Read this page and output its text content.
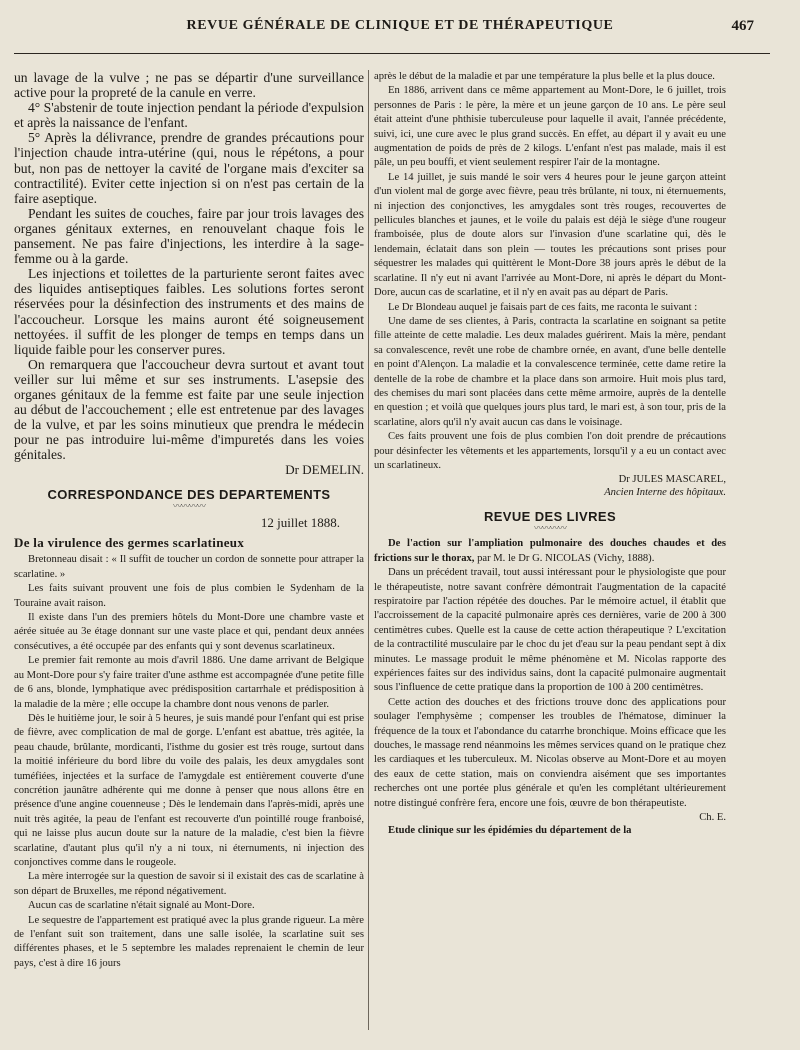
REVUE GÉNÉRALE DE CLINIQUE ET DE THÉRAPEUTIQUE	467

un lavage de la vulve ; ne pas se départir d'une surveillance active pour la propreté de la canule en verre.

4° S'abstenir de toute injection pendant la période d'expulsion et après la naissance de l'enfant.

5° Après la délivrance, prendre de grandes précautions pour l'injection chaude intra-utérine (qui, nous le répétons, a pour but, non pas de nettoyer la cavité de l'organe mais d'exciter sa contractilité). Eviter cette injection si on n'est pas certain de la faire aseptique.

Pendant les suites de couches, faire par jour trois lavages des organes génitaux externes, en renouvelant chaque fois le pansement. Ne pas faire d'injections, les interdire à la sage-femme ou à la garde.

Les injections et toilettes de la parturiente seront faites avec des liquides antiseptiques faibles. Les solutions fortes seront réservées pour la désinfection des instruments et des mains de l'accoucheur. Lorsque les mains auront été soigneusement nettoyées. il suffit de les plonger de temps en temps dans un liquide faible pour les conserver pures.

On remarquera que l'accoucheur devra surtout et avant tout veiller sur lui même et sur ses instruments. L'asepsie des organes génitaux de la femme est faite par une seule injection au début de l'accouchement ; elle est entretenue par des lavages de la vulve, et par les soins minutieux que prendra le médecin pour ne pas introduire lui-même d'impuretés dans les voies génitales.

Dr DEMELIN.
CORRESPONDANCE DES DEPARTEMENTS
〰〰〰〰
12 juillet 1888.
De la virulence des germes scarlatineux

Bretonneau disait : « Il suffit de toucher un cordon de sonnette pour attraper la scarlatine. »

Les faits suivant prouvent une fois de plus combien le Sydenham de la Touraine avait raison.

Il existe dans l'un des premiers hôtels du Mont-Dore une chambre vaste et aérée située au 3e étage donnant sur une vaste place et qui, pendant deux années consécutives, a été occupée par des enfants qui y sont devenus scarlatineux.

Le premier fait remonte au mois d'avril 1886. Une dame arrivant de Belgique au Mont-Dore pour s'y faire traiter d'une asthme est accompagnée d'une petite fille de 6 ans, blonde, lymphatique avec prédisposition cartarrhale et prédisposition à la maladie de la mère ; elle occupe la chambre dont nous venons de parler.

Dès le huitième jour, le soir à 5 heures, je suis mandé pour l'enfant qui est prise de fièvre, avec complication de mal de gorge. L'enfant est abattue, très agitée, la peau chaude, brûlante, mordicanti, l'isthme du gosier est très rouge, surtout dans la moitié inférieure du bord libre du voile des palais, les deux amygdales sont tuméfiées, injectées et la surface de l'amygdale est entièrement couverte d'une concrétion jaunâtre adhérente qui me donne à penser que nous allons être en présence d'une angine couenneuse ; Dès le lendemain dans l'après-midi, après une nuit très agitée, la peau de l'enfant est recouverte d'un pointillé rouge franboisé, qui ne laisse plus aucun doute sur la nature de la maladie, c'est bien la fièvre scarlatine, d'autant plus qu'il n'y a ni toux, ni éternuments, ni injection des conjonctives comme dans le rougeole.

La mère interrogée sur la question de savoir si il existait des cas de scarlatine à son départ de Bruxelles, me répond négativement.

Aucun cas de scarlatine n'était signalé au Mont-Dore.

Le sequestre de l'appartement est pratiqué avec la plus grande rigueur. La mère de l'enfant suit son traitement, dans une salle isolée, la scarlatine suit ses différentes phases, et le 5 septembre les malades reprenaient le chemin de leur pays, c'est à dire 16 jours

après le début de la maladie et par une température la plus belle et la plus douce.

En 1886, arrivent dans ce même appartement au Mont-Dore, le 6 juillet, trois personnes de Paris : le père, la mère et un jeune garçon de 10 ans. Le père seul était atteint d'une phthisie tuberculeuse pour laquelle il avait, l'année précédente, suivi, ici, une cure avec le plus grand succès. En effet, au départ il y avait eu une augmentation de poids de près de 2 kilogs. L'enfant n'est pas malade, mais il est pâle, un peu bouffi, et vient seulement respirer l'air de la montagne.

Le 14 juillet, je suis mandé le soir vers 4 heures pour le jeune garçon atteint d'un violent mal de gorge avec fièvre, peau très brûlante, ni toux, ni éternuements, ni injection des conjonctives, les amygdales sont très rouges, recouvertes de pellicules blanches et jaunes, et le voile du palais est déjà le siège d'une rougeur framboisée, plus de doute alors sur l'invasion d'une scarlatine qui, dès le lendemain, éclatait dans son plein — toutes les précautions sont prises pour séquestrer les malades qui quittèrent le Mont-Dore 38 jours après le début de la scarlatine. Il n'y eut ni avant l'arrivée au Mont-Dore, ni après le départ du Mont-Dore, aucun cas de scarlatine, et il n'y en avait pas au départ de Paris.

Le Dr Blondeau auquel je faisais part de ces faits, me raconta le suivant :

Une dame de ses clientes, à Paris, contracta la scarlatine en soignant sa petite fille atteinte de cette maladie. Les deux malades guérirent. Mais la mère, pendant sa convalescence, revêt une robe de chambre ornée, en avant, d'une belle dentelle en point d'Alençon. La maladie et la convalescence terminée, cette dame retire la dentelle de la robe de chambre et la place dans son armoire. Huit mois plus tard, des chemises du mari sont placées dans cette même armoire, auprès de la dentelle en question ; et voilà que quelques jours plus tard, le mari est, à son tour, pris de la scarlatine, alors qu'il n'y avait aucun cas dans le voisinage.

Ces faits prouvent une fois de plus combien l'on doit prendre de précautions pour désinfecter les vêtements et les appartements, lorsqu'il y a eu un contact avec un scarlatineux.

Dr JULES MASCAREL,
Ancien Interne des hôpitaux.
REVUE DES LIVRES
〰〰〰〰

De l'action sur l'ampliation pulmonaire des douches chaudes et des frictions sur le thorax, par M. le Dr G. NICOLAS (Vichy, 1888).

Dans un précédent travail, tout aussi intéressant pour le physiologiste que pour le thérapeutiste, notre savant confrère démontrait l'augmentation de la capacité respiratoire par l'action répétée des douches. Par le mémoire actuel, il établit que l'accroissement de la capacité pulmonaire après ces dernières, varie de 200 à 300 centimètres cubes. Quelle est la cause de cette action thérapeutique ? L'excitation de la contractilité musculaire par le choc du jet d'eau sur la peau pendant sept à dix minutes. Le massage produit le même phénomène et M. Nicolas rapporte des expériences faites sur des individus sains, dont la capacité pulmonaire augmentait sous l'influence de cette pratique dans la proportion de 100 à 200 centimètres.

Cette action des douches et des frictions trouve donc des applications pour soulager l'emphysème ; compenser les troubles de l'hématose, diminuer la fréquence de la toux et l'abondance du catarrhe bronchique. Moins efficace que les douches, le massage rend néanmoins les mêmes services quand on le pratique chez les cardiaques et les tuberculeux. M. Nicolas observe au Mont-Dore et au moyen des eaux de cette station, mais on conviendra aisément que ses importantes recherches ont une portée plus générale et qu'en les complétant ultérieurement notre distingué confrère fera, encore une fois, œuvre de bon thérapeutiste.

Ch. E.

Etude clinique sur les épidémies du département de la
